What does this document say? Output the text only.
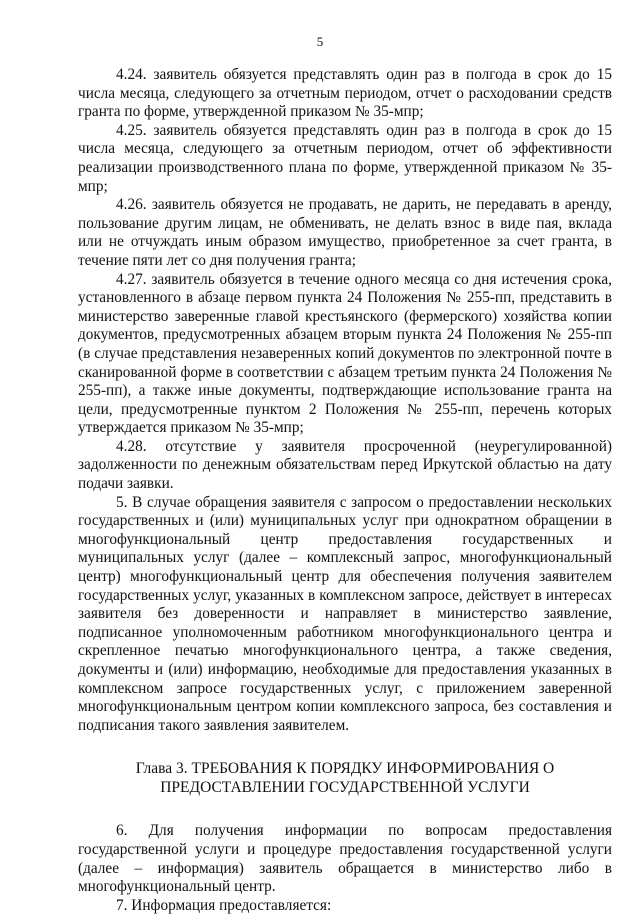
5

4.24. заявитель обязуется представлять один раз в полгода в срок до 15 числа месяца, следующего за отчетным периодом, отчет о расходовании средств гранта по форме, утвержденной приказом № 35-мпр;

4.25. заявитель обязуется представлять один раз в полгода в срок до 15 числа месяца, следующего за отчетным периодом, отчет об эффективности реализации производственного плана по форме, утвержденной приказом № 35-мпр;

4.26. заявитель обязуется не продавать, не дарить, не передавать в аренду, пользование другим лицам, не обменивать, не делать взнос в виде пая, вклада или не отчуждать иным образом имущество, приобретенное за счет гранта, в течение пяти лет со дня получения гранта;

4.27. заявитель обязуется в течение одного месяца со дня истечения срока, установленного в абзаце первом пункта 24 Положения № 255-пп, представить в министерство заверенные главой крестьянского (фермерского) хозяйства копии документов, предусмотренных абзацем вторым пункта 24 Положения № 255-пп (в случае представления незаверенных копий документов по электронной почте в сканированной форме в соответствии с абзацем третьим пункта 24 Положения № 255-пп), а также иные документы, подтверждающие использование гранта на цели, предусмотренные пунктом 2 Положения № 255-пп, перечень которых утверждается приказом № 35-мпр;

4.28. отсутствие у заявителя просроченной (неурегулированной) задолженности по денежным обязательствам перед Иркутской областью на дату подачи заявки.

5. В случае обращения заявителя с запросом о предоставлении нескольких государственных и (или) муниципальных услуг при однократном обращении в многофункциональный центр предоставления государственных и муниципальных услуг (далее – комплексный запрос, многофункциональный центр) многофункциональный центр для обеспечения получения заявителем государственных услуг, указанных в комплексном запросе, действует в интересах заявителя без доверенности и направляет в министерство заявление, подписанное уполномоченным работником многофункционального центра и скрепленное печатью многофункционального центра, а также сведения, документы и (или) информацию, необходимые для предоставления указанных в комплексном запросе государственных услуг, с приложением заверенной многофункциональным центром копии комплексного запроса, без составления и подписания такого заявления заявителем.

Глава 3. ТРЕБОВАНИЯ К ПОРЯДКУ ИНФОРМИРОВАНИЯ О
ПРЕДОСТАВЛЕНИИ ГОСУДАРСТВЕННОЙ УСЛУГИ

6. Для получения информации по вопросам предоставления государственной услуги и процедуре предоставления государственной услуги (далее – информация) заявитель обращается в министерство либо в многофункциональный центр.

7. Информация предоставляется:
